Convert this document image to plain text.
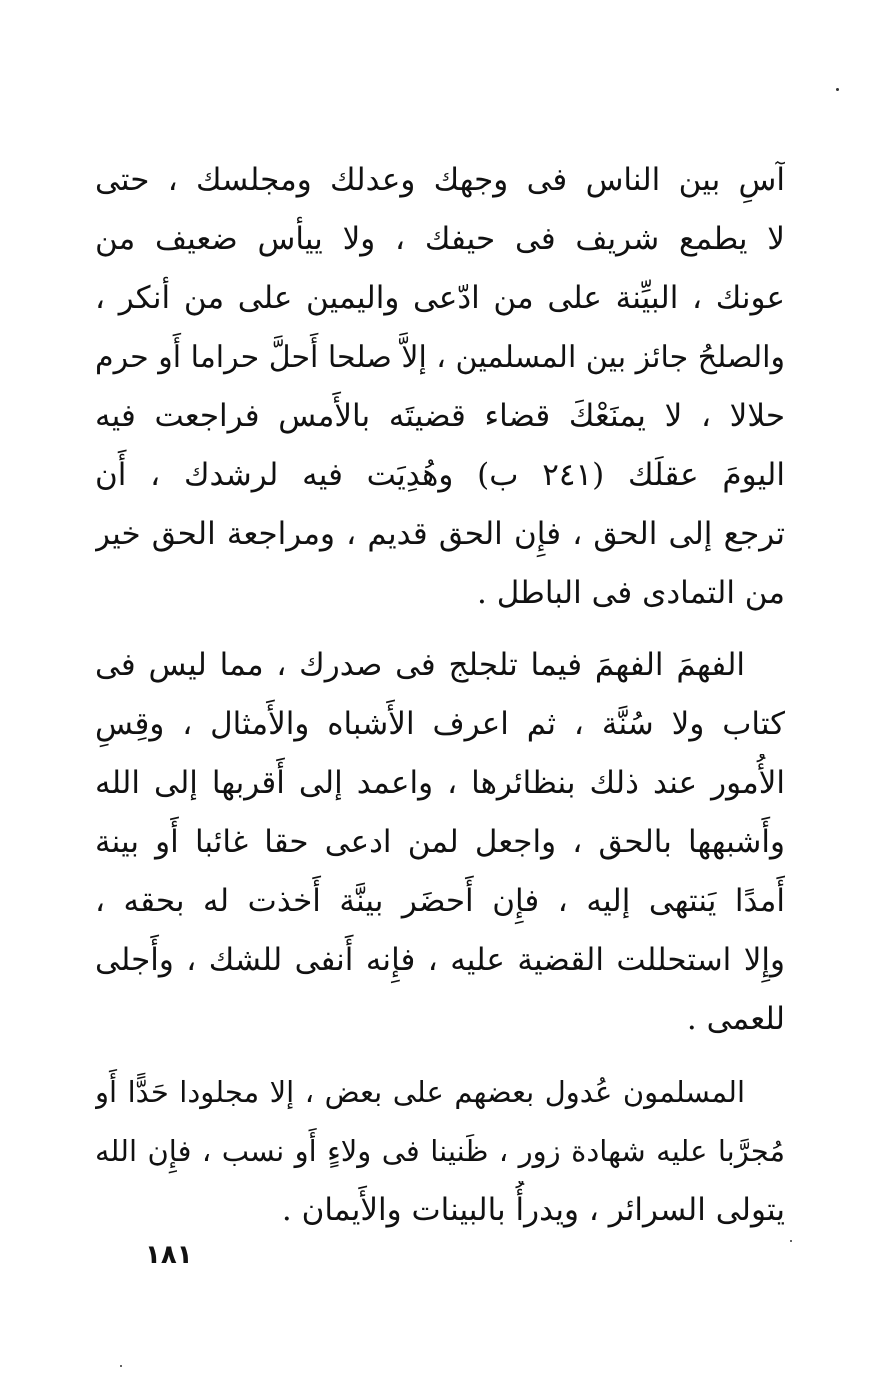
آسِ بين الناس فى وجهك وعدلك ومجلسك ، حتى
لا يطمع شريف فى حيفك ، ولا ييأس ضعيف من
عونك ، البيِّنة على من ادّعى واليمين على من أنكر ،
والصلحُ جائز بين المسلمين ، إلاَّ صلحا أَحلَّ حراما أَو حرم
حلالا ، لا يمنَعْكَ قضاء قضيتَه بالأَمس فراجعت فيه
اليومَ عقلَك (٢٤١ ب) وهُدِيَت فيه لرشدك ، أَن
ترجع إلى الحق ، فإِن الحق قديم ، ومراجعة الحق خير
من التمادى فى الباطل .
الفهمَ الفهمَ فيما تلجلج فى صدرك ، مما ليس فى
كتاب ولا سُنَّة ، ثم اعرف الأَشباه والأَمثال ، وقِسِ
الأُمور عند ذلك بنظائرها ، واعمد إلى أَقربها إلى الله
وأَشبهها بالحق ، واجعل لمن ادعى حقا غائبا أَو بينة
أَمدًا يَنتهى إليه ، فإِن أَحضَر بينَّة أَخذت له بحقه ،
وإِلا استحللت القضية عليه ، فإِنه أَنفى للشك ، وأَجلى
للعمى .
المسلمون عُدول بعضهم على بعض ، إلا مجلودا حَدًّا أَو
مُجرَّبا عليه شهادة زور ، ظَنينا فى ولاءٍ أَو نسب ، فإِن الله
يتولى السرائر ، ويدرأُ بالبينات والأَيمان .
١٨١
